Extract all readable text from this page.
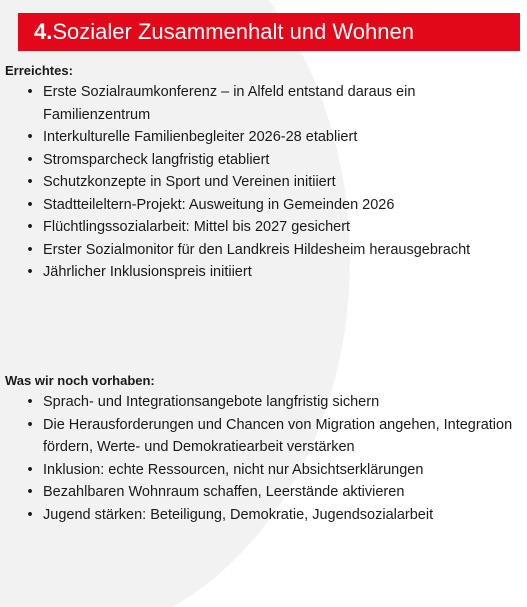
4. Sozialer Zusammenhalt und Wohnen
Erreichtes:
• Erste Sozialraumkonferenz – in Alfeld entstand daraus ein Familienzentrum
• Interkulturelle Familienbegleiter 2026-28 etabliert
• Stromsparcheck langfristig etabliert
• Schutzkonzepte in Sport und Vereinen initiiert
• Stadtteileltern-Projekt: Ausweitung in Gemeinden 2026
• Flüchtlingssozialarbeit: Mittel bis 2027 gesichert
• Erster Sozialmonitor für den Landkreis Hildesheim herausgebracht
• Jährlicher Inklusionspreis initiiert
Was wir noch vorhaben:
• Sprach- und Integrationsangebote langfristig sichern
• Die Herausforderungen und Chancen von Migration angehen, Integration fördern, Werte- und Demokratiearbeit verstärken
• Inklusion: echte Ressourcen, nicht nur Absichtserklärungen
• Bezahlbaren Wohnraum schaffen, Leerstände aktivieren
• Jugend stärken: Beteiligung, Demokratie, Jugendsozialarbeit
